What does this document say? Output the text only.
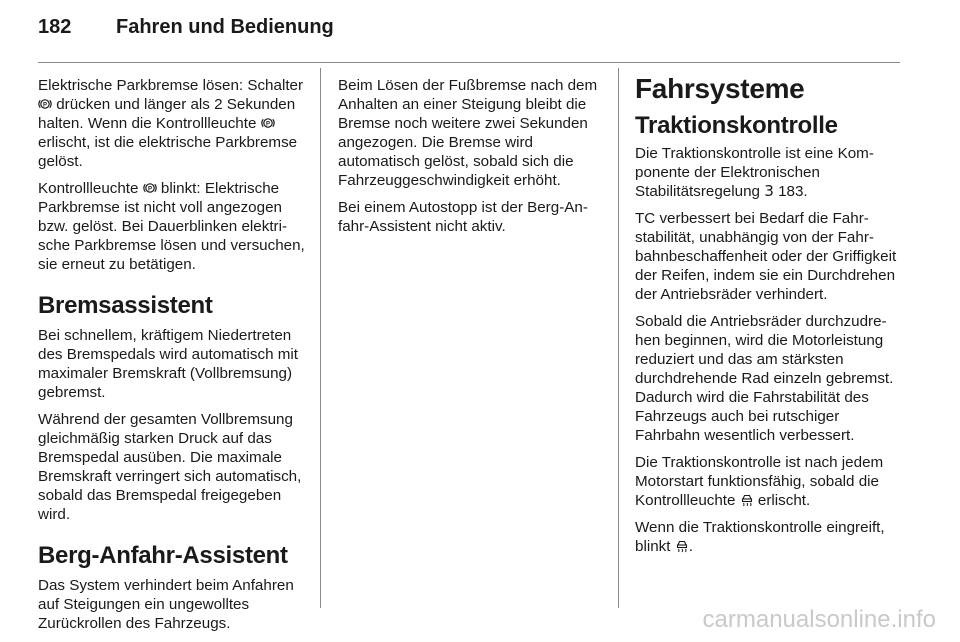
182 Fahren und Bedienung

Elektrische Parkbremse lösen: Schalter
P drücken und länger als 2 Sekunden halten. Wenn die Kontrollleuchte P
erlischt, ist die elektrische Parkbremse gelöst.

Kontrollleuchte P blinkt: Elektrische Parkbremse ist nicht voll angezogen bzw. gelöst. Bei Dauerblinken elektrische Parkbremse lösen und versuchen, sie erneut zu betätigen.

Bremsassistent

Bei schnellem, kräftigem Niedertreten des Bremspedals wird automatisch mit maximaler Bremskraft (Vollbremsung) gebremst.

Während der gesamten Vollbremsung gleichmäßig starken Druck auf das Bremspedal ausüben. Die maximale Bremskraft verringert sich automatisch, sobald das Bremspedal freigegeben wird.

Berg-Anfahr-Assistent

Das System verhindert beim Anfahren auf Steigungen ein ungewolltes Zurückrollen des Fahrzeugs.

Beim Lösen der Fußbremse nach dem Anhalten an einer Steigung bleibt die Bremse noch weitere zwei Sekunden angezogen. Die Bremse wird automatisch gelöst, sobald sich die Fahrzeuggeschwindigkeit erhöht.

Bei einem Autostopp ist der Berg-Anfahr-Assistent nicht aktiv.

Fahrsysteme
Traktionskontrolle

Die Traktionskontrolle ist eine Komponente der Elektronischen Stabilitätsregelung 3 183.

TC verbessert bei Bedarf die Fahrstabilität, unabhängig von der Fahrbahnbeschaffenheit oder der Griffigkeit der Reifen, indem sie ein Durchdrehen der Antriebsräder verhindert.

Sobald die Antriebsräder durchzudrehen beginnen, wird die Motorleistung reduziert und das am stärksten durchdrehende Rad einzeln gebremst. Dadurch wird die Fahrstabilität des Fahrzeugs auch bei rutschiger Fahrbahn wesentlich verbessert.

Die Traktionskontrolle ist nach jedem Motorstart funktionsfähig, sobald die Kontrollleuchte  erlischt.

Wenn die Traktionskontrolle eingreift, blinkt .

carmanualsonline.info
